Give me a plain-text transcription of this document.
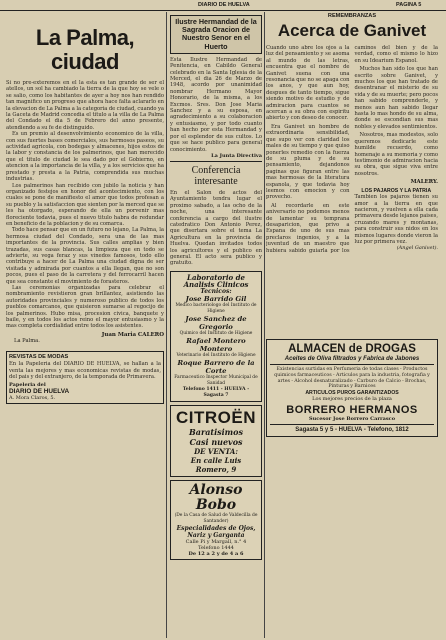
DIARIO DE HUELVA	PAGINA 5
La Palma, ciudad

Si no pre-exteremos en el la esta es tan grande de ser el atellos, un sol ha cambiado la tierra de la que hoy se vele o se salio, como los habitantes de ayer a hoy nos han rendido tan magnifico un progreso que ahora hace falta aclararlo en la elevacion de La Palma a la categoria de ciudad, cuando ya la Gaceta de Madrid concedia el titulo a la villa de La Palma del Condado el dia 5 de Febrero del anno presente, atendiendo a su fe de distinguido.

Es un premio al desenvolvimiento economico de la villa, con sus fuertes bases comerciales, sus hermosos paseos, su actividad agricola, con bodegas y almacenes, hijos estos de la labor y constancia de los palmerinos, que han merecido que el titulo de ciudad le sea dado por el Gobierno, en atencion a la importancia de la villa, y a los servicios que ha prestado y presta a la Patria, comprendida sus muchas industrias.

Los palmerinos han recibido con jubilo la noticia y han organizado festejos en honor del acontecimiento, con los cuales se pone de manifiesto el amor que todos profesan a su pueblo y la satisfaccion que sienten por la merced que se les ha otorgado, esperando de ella un porvenir mas floreciente todavia, pues el nuevo titulo habra de redundar en beneficio de la poblacion y de su comarca.

Todo hace pensar que en un futuro no lejano, La Palma, la hermosa ciudad del Condado, sera una de las mas importantes de la provincia. Sus calles amplias y bien trazadas, sus casas blancas, la limpieza que en todo se advierte, su vega feraz y sus vinedos famosos, todo ello contribuye a hacer de La Palma una ciudad digna de ser visitada y admirada por cuantos a ella llegan, que no son pocos, pues el paso de la carretera y del ferrocarril hacen que sea constante el movimiento de forasteros.

Las ceremonias organizadas para celebrar el nombramiento revistieron gran brillantez, asistiendo las autoridades provinciales y numeroso publico de todos los pueblos comarcanos, que quisieron sumarse al regocijo de los palmerinos. Hubo misa, procesion civica, banquete y baile, y en todos los actos reino el mayor entusiasmo y la mas completa cordialidad entre todos los asistentes.

Juan Maria CALERO
La Palma.
REVISTAS DE MODAS
En la Papeleria del DIARIO DE HUELVA, se hallan a la venta las mejores y mas economicas revistas de modas, del pais y del extranjero, de la temporada de Primavera.
Papeleria del
DIARIO DE HUELVA
A. Mora Claros, 5.
Ilustre Hermandad de la Sagrada Oracion de Nuestro Senor en el Huerto

Esta Ilustre Hermandad de Penitencia, en Cabildo General celebrado en la Santa Iglesia de la Merced, el dia 26 de Marzo de 1948, acordo por unanimidad nombrar Hermano Mayor Honorario, de la misma, a los Excmos. Sres. Don Jose Maria Sanchez y a su esposa, en agradecimiento a su colaboracion y entusiasmo, y por todo cuanto han hecho por esta Hermandad y por el esplendor de sus cultos. Lo que se hace publico para general conocimiento.

La Junta Directiva
Conferencia interesante

En el Salon de actos del Ayuntamiento tendra lugar el proximo sabado, a las ocho de la noche, una interesante conferencia a cargo del ilustre catedratico Don Antonio Perez, que disertara sobre el tema La Agricultura en la provincia de Huelva. Quedan invitados todos los agricultores y el publico en general. El acto sera publico y gratuito.

Laboratorio de Analisis Clinicos
Tecnicos:
Jose Barrido Gil
Medico bacteriologo del Instituto de Higiene
Jose Sanchez de Gregorio
Quimico del Instituto de Higiene
Rafael Montero Montero
Veterinario del Instituto de Higiene
Roque Barrero de la Corte
Farmaceutico Inspector Municipal de Sanidad
Telefono 1411 - HUELVA - Sagasta 7
CITROËN
Baratisimos
Casi nuevos
DE VENTA:
En calle Luis Romero, 9
Alonso Bobo
(De la Casa de Salud de Valdecilla de Santander)
Especialidades de Ojos, Nariz y Garganta
Calle Pi y Margall, n.° 4
Telefono 1444
De 12 a 2 y de 4 a 6
REMEMBRANZAS
Acerca de Ganivet

Cuando uno abre los ojos a la luz del pensamiento y se asoma al mundo de las letras, encuentra que el nombre de Ganivet suena con una resonancia que no se apaga con los anos, y que aun hoy, despues de tanto tiempo, sigue siendo motivo de estudio y de admiracion para cuantos se acercan a su obra con espiritu abierto y con deseo de conocer.

Era Ganivet un hombre de extraordinaria sensibilidad, que supo ver con claridad los males de su tiempo y que quiso ponerles remedio con la fuerza de su pluma y de su pensamiento, dejandonos paginas que figuran entre las mas hermosas de la literatura espanola, y que todavia hoy leemos con emocion y con provecho.

Al recordarle en este aniversario no podemos menos de lamentar su temprana desaparicion, que privo a Espana de uno de sus mas preclaros ingenios, y a la juventud de un maestro que hubiera sabido guiarla por los caminos del bien y de la verdad, como el mismo lo hizo en su Idearium Espanol.

Muchos han sido los que han escrito sobre Ganivet, y muchos los que han tratado de desentranar el misterio de su vida y de su muerte; pero pocos han sabido comprenderle, y menos aun han sabido llegar hasta lo mas hondo de su alma, donde se escondian sus mas nobles y elevados sentimientos.

Nosotros, mas modestos, solo queremos dedicarle este humilde recuerdo, como homenaje a su memoria y como testimonio de admiracion hacia su obra, que sigue viva entre nosotros.

MALERY.
LOS PAJAROS Y LA PATRIA

Tambien los pajaros tienen su amor a la tierra en que nacieron, y vuelven a ella cada primavera desde lejanos paises, cruzando mares y montanas, para construir sus nidos en los mismos lugares donde vieron la luz por primera vez.

(Angel Ganivet).
ALMACEN de DROGAS
Aceites de Oliva filtrados y Fabrica de Jabones
Existencias surtidas en Perfumeria de todas clases - Productos quimicos farmaceuticos - Articulos para la industria, fotografia y artes - Alcohol desnaturalizado - Carburo de Calcio - Brochas, Pinturas y Barnices
ARTICULOS PUROS GARANTIZADOS
Los mejores precios de la plaza
BORRERO HERMANOS
Sucesor Jose Borrero Carrasco
Sagasta 5 y 5 - HUELVA - Telefono, 1812
